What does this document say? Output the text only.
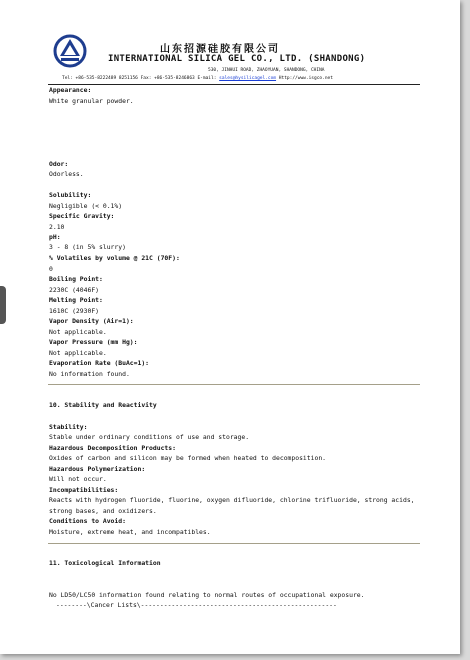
山东招源硅胶有限公司
INTERNATIONAL SILICA GEL CO., LTD. (SHANDONG)
530, JINHUI ROAD, ZHAOYUAN, SHANDONG, CHINA
Tel: +86-535-8222489 8251156 Fax: +86-535-8246863 E-mail: sales@hysilicagel.com Http://www.isgco.net
Appearance:
White granular powder.
Odor:
Odorless.
Solubility:
Negligible (< 0.1%)
Specific Gravity:
2.10
pH:
3 - 8 (in 5% slurry)
% Volatiles by volume @ 21C (70F):
0
Boiling Point:
2230C (4046F)
Melting Point:
1610C (2930F)
Vapor Density (Air=1):
Not applicable.
Vapor Pressure (mm Hg):
Not applicable.
Evaporation Rate (BuAc=1):
No information found.
10. Stability and Reactivity
Stability:
Stable under ordinary conditions of use and storage.
Hazardous Decomposition Products:
Oxides of carbon and silicon may be formed when heated to decomposition.
Hazardous Polymerization:
Will not occur.
Incompatibilities:
Reacts with hydrogen fluoride, fluorine, oxygen difluoride, chlorine trifluoride, strong acids,
strong bases, and oxidizers.
Conditions to Avoid:
Moisture, extreme heat, and incompatibles.
11. Toxicological Information
No LD50/LC50 information found relating to normal routes of occupational exposure.
--------\Cancer Lists\---------------------------------------------------
